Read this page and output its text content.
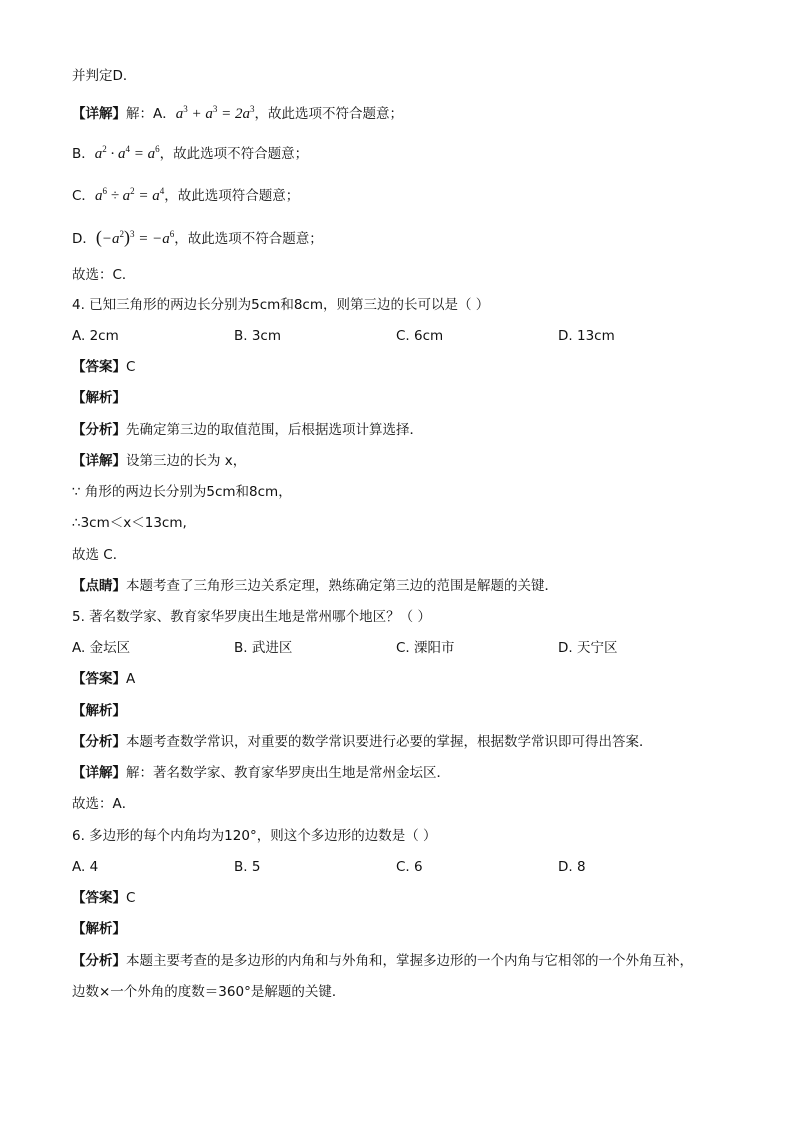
并判定D．
【详解】解：A．$a^3 + a^3 = 2a^3$，故此选项不符合题意；
B．$a^2 \cdot a^4 = a^6$，故此选项不符合题意；
C．$a^6 \div a^2 = a^4$，故此选项符合题意；
D．$(-a^2)^3 = -a^6$，故此选项不符合题意；
故选：C．
4. 已知三角形的两边长分别为5cm和8cm，则第三边的长可以是（ ）
A. 2cm	B. 3cm	C. 6cm	D. 13cm
【答案】C
【解析】
【分析】先确定第三边的取值范围，后根据选项计算选择．
【详解】设第三边的长为 x，
∵ 角形的两边长分别为5cm和8cm，
∴3cm＜x＜13cm,
故选 C．
【点睛】本题考查了三角形三边关系定理，熟练确定第三边的范围是解题的关键．
5. 著名数学家、教育家华罗庚出生地是常州哪个地区？（ ）
A. 金坛区	B. 武进区	C. 溧阳市	D. 天宁区
【答案】A
【解析】
【分析】本题考查数学常识，对重要的数学常识要进行必要的掌握，根据数学常识即可得出答案．
【详解】解：著名数学家、教育家华罗庚出生地是常州金坛区．
故选：A．
6. 多边形的每个内角均为120°，则这个多边形的边数是（ ）
A. 4	B. 5	C. 6	D. 8
【答案】C
【解析】
【分析】本题主要考查的是多边形的内角和与外角和，掌握多边形的一个内角与它相邻的一个外角互补，
边数×一个外角的度数＝360°是解题的关键．
